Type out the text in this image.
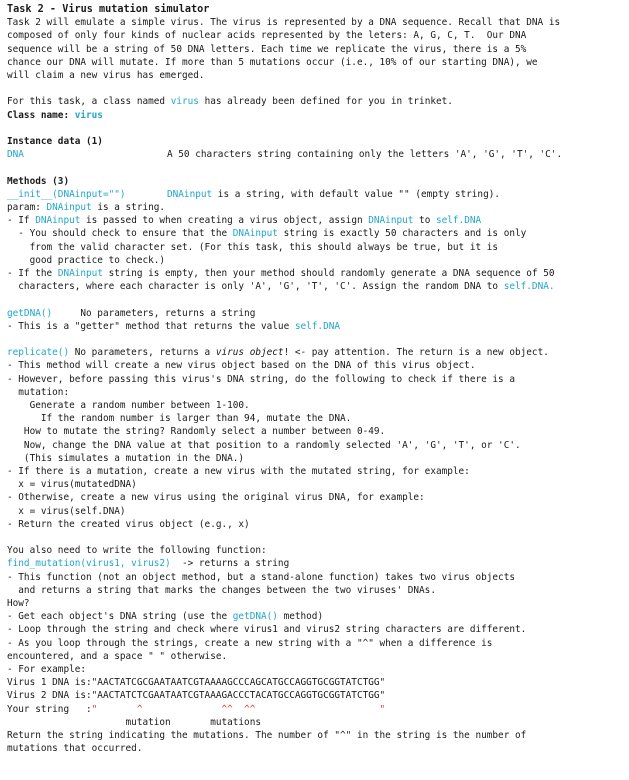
Task 2 - Virus mutation simulator
Task 2 will emulate a simple virus. The virus is represented by a DNA sequence. Recall that DNA is
composed of only four kinds of nuclear acids represented by the leters: A, G, C, T.  Our DNA
sequence will be a string of 50 DNA letters. Each time we replicate the virus, there is a 5%
chance our DNA will mutate. If more than 5 mutations occur (i.e., 10% of our starting DNA), we
will claim a new virus has emerged.
For this task, a class named virus has already been defined for you in trinket.
Class name: virus
Instance data (1)
DNA	A 50 characters string containing only the letters 'A', 'G', 'T', 'C'.
Methods (3)
__init__(DNAinput="")	DNAinput is a string, with default value "" (empty string).
param: DNAinput is a string.
- If DNAinput is passed to when creating a virus object, assign DNAinput to self.DNA
- You should check to ensure that the DNAinput string is exactly 50 characters and is only
from the valid character set. (For this task, this should always be true, but it is
good practice to check.)
- If the DNAinput string is empty, then your method should randomly generate a DNA sequence of 50
characters, where each character is only 'A', 'G', 'T', 'C'. Assign the random DNA to self.DNA.
getDNA()     No parameters, returns a string
- This is a "getter" method that returns the value self.DNA
replicate() No parameters, returns a virus object! <- pay attention. The return is a new object.
- This method will create a new virus object based on the DNA of this virus object.
- However, before passing this virus's DNA string, do the following to check if there is a
mutation:
Generate a random number between 1-100.
If the random number is larger than 94, mutate the DNA.
How to mutate the string? Randomly select a number between 0-49.
Now, change the DNA value at that position to a randomly selected 'A', 'G', 'T', or 'C'.
(This simulates a mutation in the DNA.)
- If there is a mutation, create a new virus with the mutated string, for example:
x = virus(mutatedDNA)
- Otherwise, create a new virus using the original virus DNA, for example:
x = virus(self.DNA)
- Return the created virus object (e.g., x)
You also need to write the following function:
find_mutation(virus1, virus2)  -> returns a string
- This function (not an object method, but a stand-alone function) takes two virus objects
and returns a string that marks the changes between the two viruses' DNAs.
How?
- Get each object's DNA string (use the getDNA() method)
- Loop through the string and check where virus1 and virus2 string characters are different.
- As you loop through the strings, create a new string with a "^" when a difference is
encountered, and a space " " otherwise.
- For example:
Virus 1 DNA is:"AACTATCGCGAATAATCGTAAAAGCCCAGCATGCCAGGTGCGGTATCTGG"
Virus 2 DNA is:"AACTATCTCGAATAATCGTAAAGACCCTACATGCCAGGTGCGGTATCTGG"
Your string   :"       ^              ^^  ^^                      "
mutation       mutations
Return the string indicating the mutations. The number of "^" in the string is the number of
mutations that occurred.
